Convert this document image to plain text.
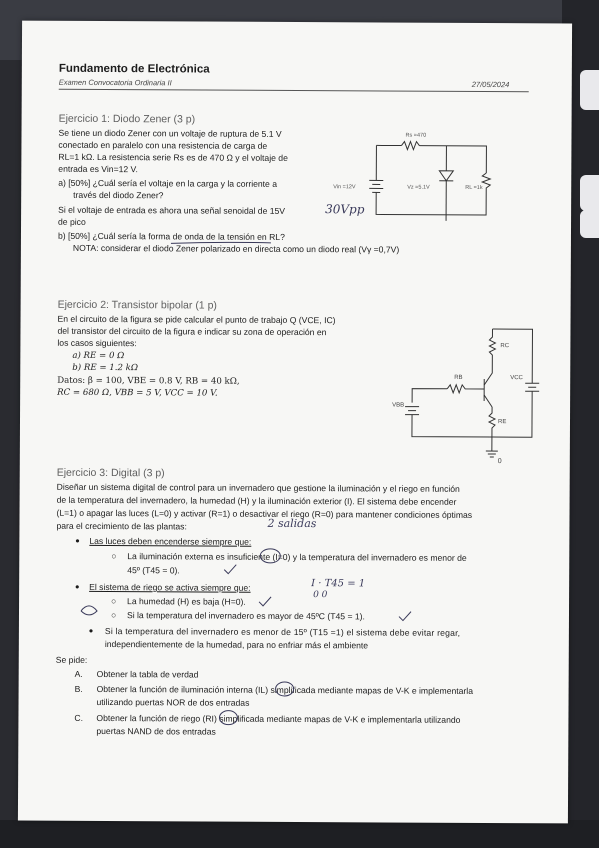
Fundamento de Electrónica
Examen Convocatoria Ordinaria II	27/05/2024
Ejercicio 1: Diodo Zener (3 p)
Se tiene un diodo Zener con un voltaje de ruptura de 5.1 V
conectado en paralelo con una resistencia de carga de
RL=1 kΩ. La resistencia serie Rs es de 470 Ω y el voltaje de
entrada es Vin=12 V.
a) [50%] ¿Cuál sería el voltaje en la carga y la corriente a
través del diodo Zener?
Si el voltaje de entrada es ahora una señal senoidal de 15V
de pico
30Vpp
b) [50%] ¿Cuál sería la forma de onda de la tensión en RL?
NOTA: considerar el diodo Zener polarizado en directa como un diodo real (Vγ =0,7V)
Rs =470
Vin =12V	Vz =5.1V	RL =1k
Ejercicio 2: Transistor bipolar (1 p)
En el circuito de la figura se pide calcular el punto de trabajo Q (VCE, IC)
del transistor del circuito de la figura e indicar su zona de operación en
los casos siguientes:
a) RE = 0 Ω
b) RE = 1.2 kΩ
Datos: β = 100, VBE = 0.8 V, RB = 40 kΩ,
RC = 680 Ω, VBB = 5 V, VCC = 10 V.
RC
RB	VCC
VBB
RE
0
Ejercicio 3: Digital (3 p)
Diseñar un sistema digital de control para un invernadero que gestione la iluminación y el riego en función
de la temperatura del invernadero, la humedad (H) y la iluminación exterior (I). El sistema debe encender
(L=1) o apagar las luces (L=0) y activar (R=1) o desactivar el riego (R=0) para mantener condiciones óptimas
para el crecimiento de las plantas:	2 salidas
• Las luces deben encenderse siempre que:
○ La iluminación externa es insuficiente (I=0) y la temperatura del invernadero es menor de
45º (T45 = 0).
• El sistema de riego se activa siempre que:	I · T45 = 1
0 0
○ La humedad (H) es baja (H=0).
○ Si la temperatura del invernadero es mayor de 45ºC (T45 = 1).
• Si la temperatura del invernadero es menor de 15º (T15 =1) el sistema debe evitar regar,
independientemente de la humedad, para no enfriar más el ambiente
Se pide:
A. Obtener la tabla de verdad
B. Obtener la función de iluminación interna (IL) simplificada mediante mapas de V-K e implementarla
utilizando puertas NOR de dos entradas
C. Obtener la función de riego (RI) simplificada mediante mapas de V-K e implementarla utilizando
puertas NAND de dos entradas
